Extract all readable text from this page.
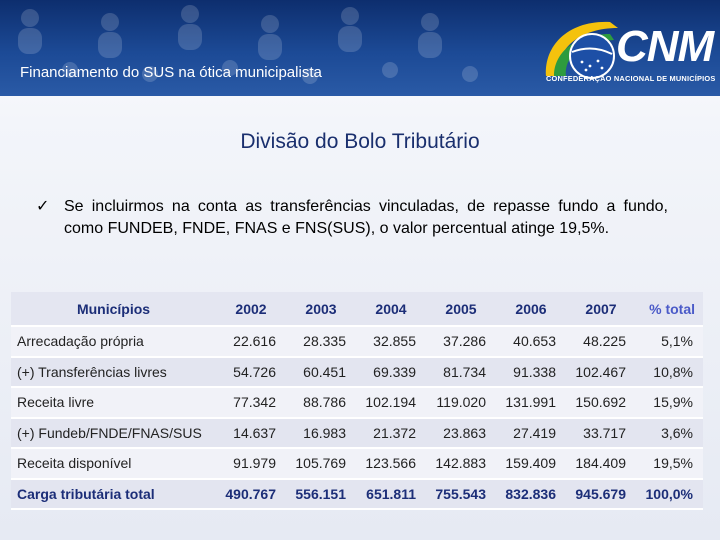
Financiamento do SUS na ótica municipalista
CNM
CONFEDERAÇÃO NACIONAL DE MUNICÍPIOS
Divisão do Bolo Tributário
✓ Se incluirmos na conta as transferências vinculadas, de repasse fundo a fundo, como FUNDEB, FNDE, FNAS e FNS(SUS), o valor percentual atinge 19,5%.
Municípios	2002	2003	2004	2005	2006	2007	% total
Arrecadação própria	22.616	28.335	32.855	37.286	40.653	48.225	5,1%
(+) Transferências livres	54.726	60.451	69.339	81.734	91.338	102.467	10,8%
Receita livre	77.342	88.786	102.194	119.020	131.991	150.692	15,9%
(+) Fundeb/FNDE/FNAS/SUS	14.637	16.983	21.372	23.863	27.419	33.717	3,6%
Receita disponível	91.979	105.769	123.566	142.883	159.409	184.409	19,5%
Carga tributária total	490.767	556.151	651.811	755.543	832.836	945.679	100,0%
